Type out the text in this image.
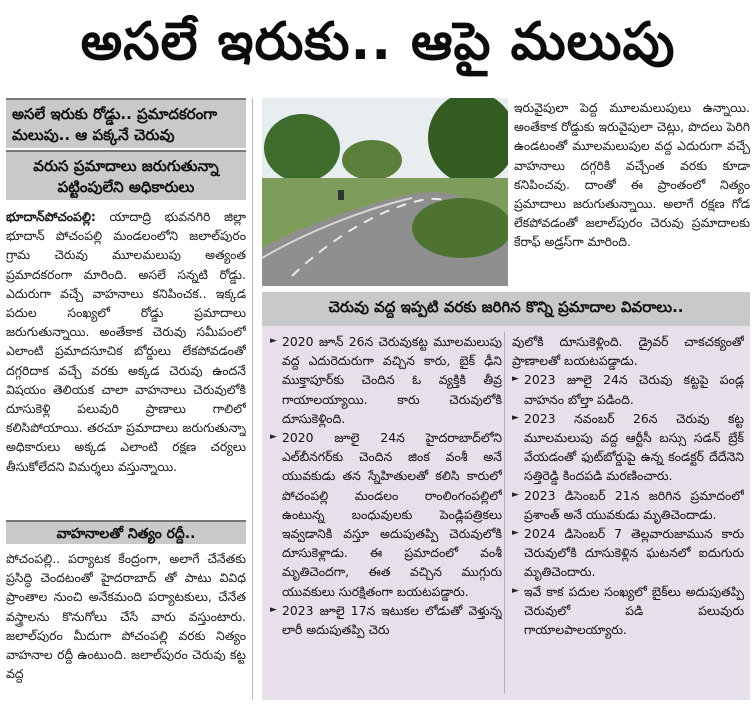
అసలే ఇరుకు.. ఆపై మలుపు
అసలే ఇరుకు రోడ్డు.. ప్రమాదకరంగా మలుపు.. ఆ పక్కనే చెరువు
వరుస ప్రమాదాలు జరుగుతున్నా పట్టింపులేని అధికారులు

భూదాన్‌పోచంపల్లి: యాదాద్రి భువనగిరి జిల్లా భూదాన్ పోచంపల్లి మండలంలోని జలాల్‌పురం గ్రామ చెరువు మూలమలుపు అత్యంత ప్రమాదకరంగా మారింది. అసలే సన్నటి రోడ్డు. ఎదురుగా వచ్చే వాహనాలు కనిపించక.. ఇక్కడ పదుల సంఖ్యలో రోడ్డు ప్రమాదాలు జరుగుతున్నాయి. అంతేకాక చెరువు సమీపంలో ఎలాంటి ప్రమాదసూచిక బోర్డులు లేకపోవడంతో దగ్గరిదాక వచ్చే వరకు అక్కడ చెరువు ఉందనే విషయం తెలియక చాలా వాహనాలు చెరువులోకి దూసుకెళ్లి పలువురి ప్రాణాలు గాలిలో కలిసిపోయాయి. తరచూ ప్రమాదాలు జరుగుతున్నా అధికారులు అక్కడ ఎలాంటి రక్షణ చర్యలు తీసుకోలేదని విమర్శలు వస్తున్నాయి.

వాహనాలతో నిత్యం రద్దీ..

పోచంపల్లి.. పర్యాటక కేంద్రంగా, అలాగే చేనేతకు ప్రసిద్ధి చెందటంతో హైదరాబాద్ తో పాటు వివిధ ప్రాంతాల నుంచి అనేకమంది పర్యాటకులు, చేనేత వస్త్రాలను కొనుగోలు చేసే వారు వస్తుంటారు. జలాల్‌పురం మీదుగా పోచంపల్లి వరకు నిత్యం వాహనాల రద్దీ ఉంటుంది. జలాల్‌పురం చెరువు కట్ట వద్ద

ఇరువైపులా పెద్ద మూలమలుపులు ఉన్నాయి. అంతేకాక రోడ్డుకు ఇరువైపులా చెట్లు, పొదలు పెరిగి ఉండటంతో మూలమలుపుల వద్ద ఎదురుగా వచ్చే వాహనాలు దగ్గరికి వచ్చేంత వరకు కూడా కనిపించవు. దాంతో ఈ ప్రాంతంలో నిత్యం ప్రమాదాలు జరుగుతున్నాయి. అలాగే రక్షణ గోడ లేకపోవడంతో జలాల్‌పురం చెరువు ప్రమాదాలకు కేరాఫ్ అడ్రస్‌గా మారింది.

చెరువు వద్ద ఇప్పటి వరకు జరిగిన కొన్ని ప్రమాదాల వివరాలు..
► 2020 జూన్ 26న చెరువుకట్ట మూలమలుపు వద్ద ఎదురెదురుగా వచ్చిన కారు, బైక్ ఢీని ముక్తాపూర్‌కు చెందిన ఓ వ్యక్తికి తీవ్ర గాయాలయ్యాయి. కారు చెరువులోకి దూసుకెళ్లింది.
► 2020 జూలై 24న హైదరాబాద్‌లోని ఎల్‌బీనగర్‌కు చెందిన జింక వంశీ అనే యువకుడు తన స్నేహితులతో కలిసి కారులో పోచంపల్లి మండలం రాంలింగంపల్లిలో ఉంటున్న బంధువులకు పెండ్లిపత్రికలు ఇవ్వడానికి వస్తూ అదుపుతప్పి చెరువులోకి దూసుకెళ్లాడు. ఈ ప్రమాదంలో వంశీ మృతిచెందగా, ఈత వచ్చిన ముగ్గురు యువకులు సురక్షితంగా బయటపడ్డారు.
► 2023 జూలై 17న ఇటుకల లోడుతో వెళ్తున్న లారీ అదుపుతప్పి చెరు
వులోకి దూసుకెళ్లింది. డ్రైవర్ చాకచక్యంతో ప్రాణాలతో బయటపడ్డాడు.
► 2023 జూలై 24న చెరువు కట్టపై పండ్ల వాహనం బోల్తా పడింది.
► 2023 నవంబర్ 26న చెరువు కట్ట మూలమలుపు వద్ద ఆర్టీసీ బస్సు సడన్ బ్రేక్ వేయడంతో ఫుట్‌బోర్డుపై ఉన్న కండక్టర్ దేదేనెని సత్తిరెడ్డి కిందపడి మరణించారు.
► 2023 డిసెంబర్ 21న జరిగిన ప్రమాదంలో ప్రశాంత్ అనే యువకుడు మృతిచెందాడు.
► 2024 డిసెంబర్ 7 తెల్లవారుజామున కారు చెరువులోకి దూసుకెళ్లిన ఘటనలో ఐదుగురు మృతిచెందారు.
► ఇవే కాక పదుల సంఖ్యలో బైక్‌లు అదుపుతప్పి చెరువులో పడి పలువురు గాయాలపాలయ్యారు.
